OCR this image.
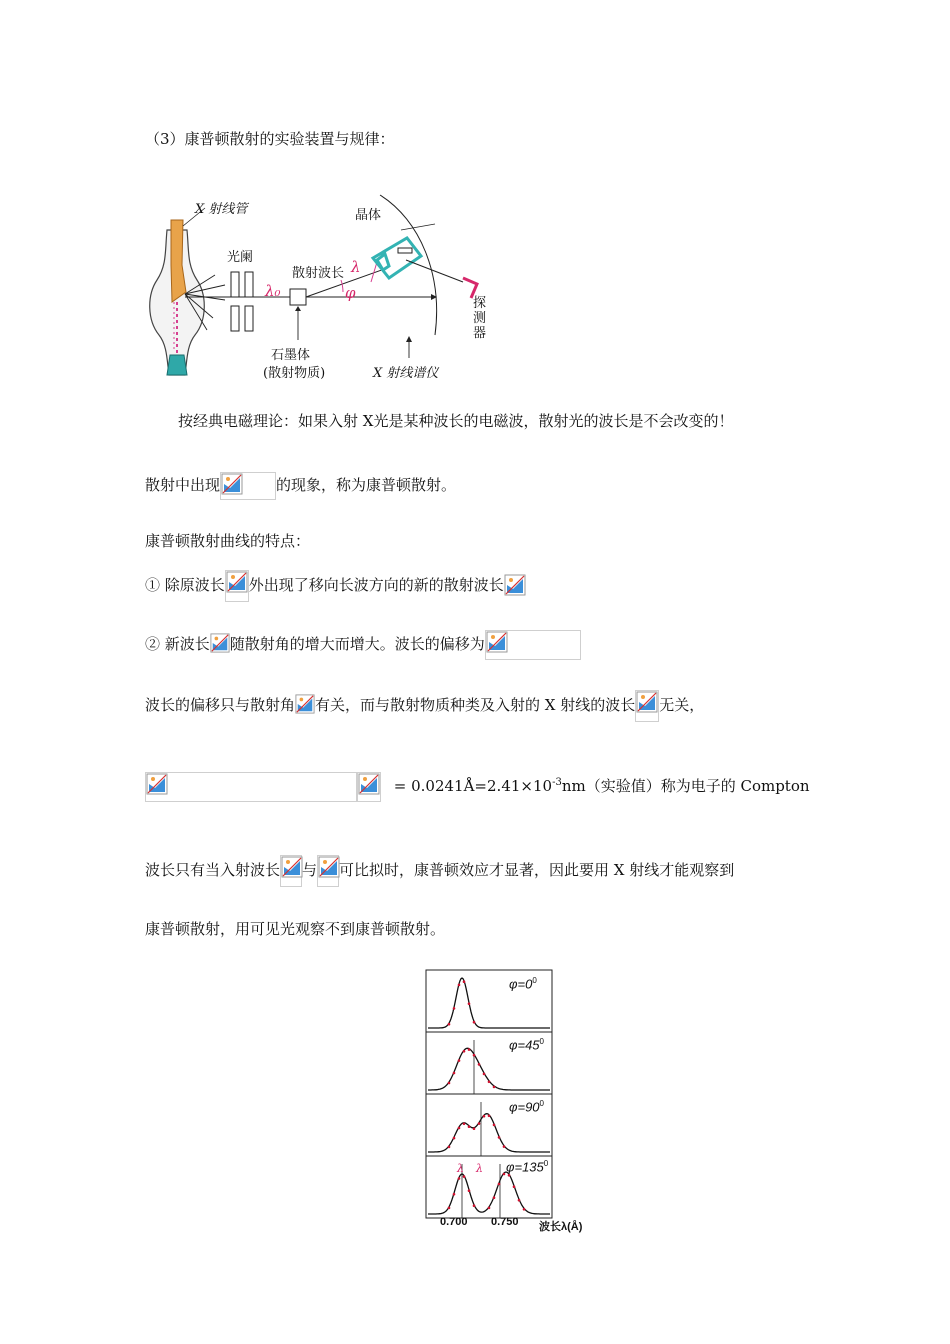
（3）康普顿散射的实验装置与规律：
X 射线管	晶体
光阑
散射波长 λ
λ₀	φ
探测器
石墨体
(散射物质)	X 射线谱仪
按经典电磁理论：如果入射 X光是某种波长的电磁波，散射光的波长是不会改变的！
散射中出现	的现象，称为康普顿散射。
康普顿散射曲线的特点：
① 除原波长 外出现了移向长波方向的新的散射波长
② 新波长 随散射角的增大而增大。波长的偏移为
波长的偏移只与散射角 有关，而与散射物质种类及入射的 X 射线的波长 无关，
= $0.0241Å=2.41\times 10^{-3}nm$（实验值）称为电子的 Compton
波长只有当入射波长 与 可比拟时，康普顿效应才显著，因此要用 X 射线才能观察到
康普顿散射，用可见光观察不到康普顿散射。
$\varphi=0^0$
$\varphi=45^0$
$\varphi=90^0$
$\varphi=135^0$
λ λ
0.700 0.750 波长λ(Å)
